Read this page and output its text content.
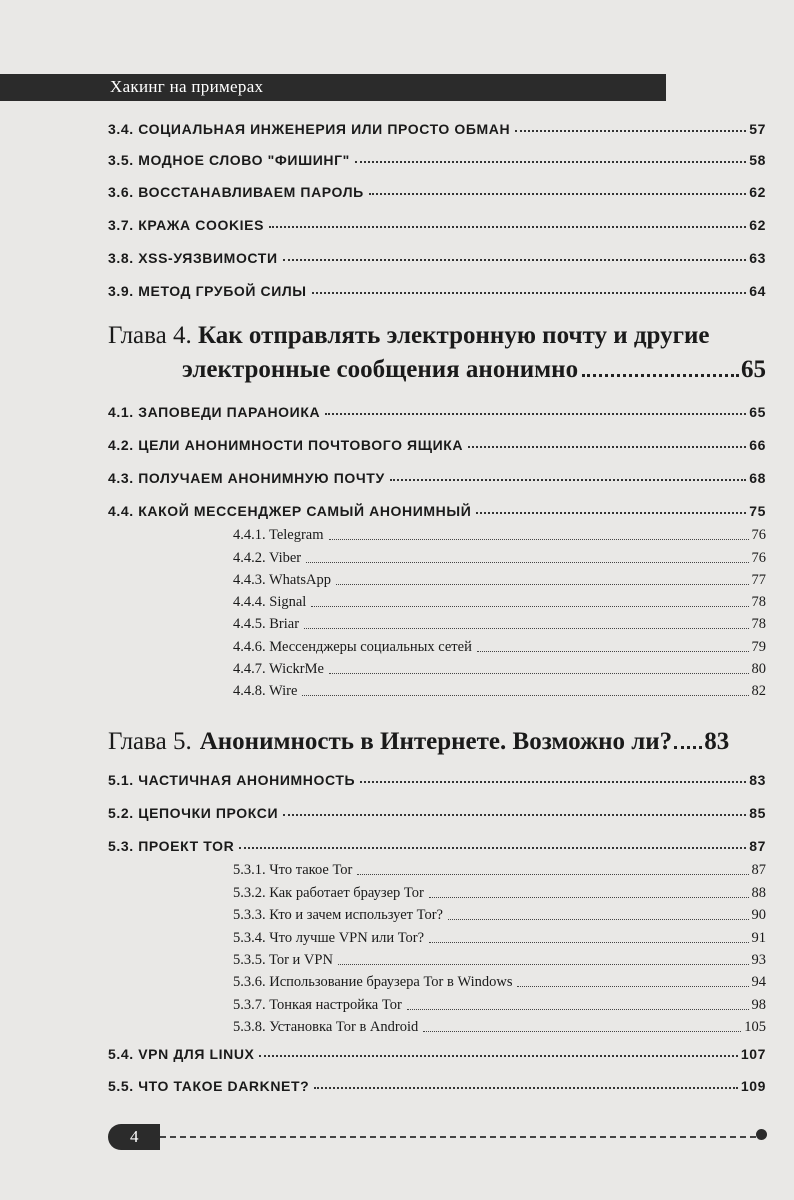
Хакинг на примерах
3.4. СОЦИАЛЬНАЯ ИНЖЕНЕРИЯ ИЛИ ПРОСТО ОБМАН	57
3.5. МОДНОЕ СЛОВО "ФИШИНГ"	58
3.6. ВОССТАНАВЛИВАЕМ ПАРОЛЬ	62
3.7. КРАЖА COOKIES	62
3.8. XSS-УЯЗВИМОСТИ	63
3.9. МЕТОД ГРУБОЙ СИЛЫ	64
Глава 4. Как отправлять электронную почту и другие
электронные сообщения анонимно	65
4.1. ЗАПОВЕДИ ПАРАНОИКА	65
4.2. ЦЕЛИ АНОНИМНОСТИ ПОЧТОВОГО ЯЩИКА	66
4.3. ПОЛУЧАЕМ АНОНИМНУЮ ПОЧТУ	68
4.4. КАКОЙ МЕССЕНДЖЕР САМЫЙ АНОНИМНЫЙ	75
4.4.1. Telegram	76
4.4.2. Viber	76
4.4.3. WhatsApp	77
4.4.4. Signal	78
4.4.5. Briar	78
4.4.6. Мессенджеры социальных сетей	79
4.4.7. WickrMe	80
4.4.8. Wire	82
Глава 5. Анонимность в Интернете. Возможно ли? 83
5.1. ЧАСТИЧНАЯ АНОНИМНОСТЬ	83
5.2. ЦЕПОЧКИ ПРОКСИ	85
5.3. ПРОЕКТ TOR	87
5.3.1. Что такое Tor	87
5.3.2. Как работает браузер Tor	88
5.3.3. Кто и зачем использует Tor?	90
5.3.4. Что лучше VPN или Tor?	91
5.3.5. Tor и VPN	93
5.3.6. Использование браузера Tor в Windows	94
5.3.7. Тонкая настройка Tor	98
5.3.8. Установка Tor в Android	105
5.4. VPN ДЛЯ LINUX	107
5.5. ЧТО ТАКОЕ DARKNET?	109
4
